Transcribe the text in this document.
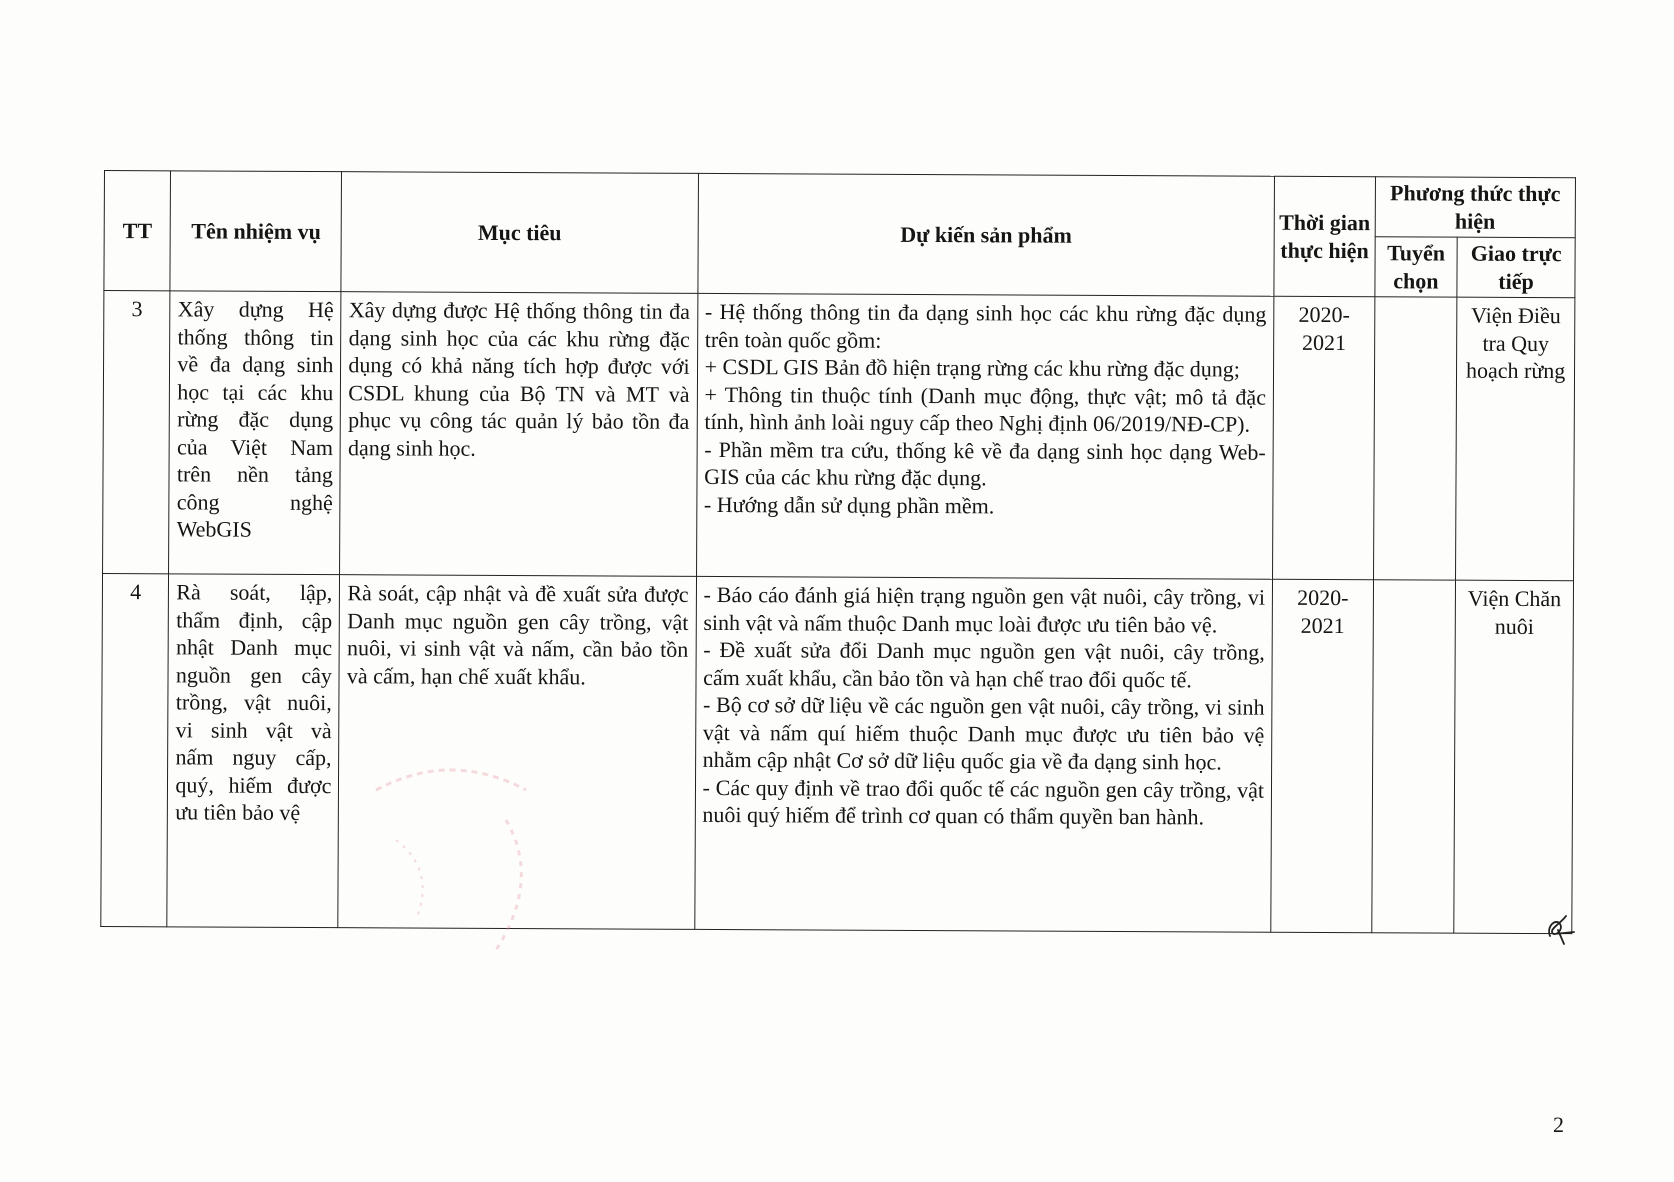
TT	Tên nhiệm vụ	Mục tiêu	Dự kiến sản phẩm	Thời gian thực hiện	Phương thức thực hiện	
					Tuyển chọn	Giao trực tiếp
3	Xây dựng Hệ thống thông tin về đa dạng sinh học tại các khu rừng đặc dụng của Việt Nam trên nền tảng công nghệ WebGIS	Xây dựng được Hệ thống thông tin đa dạng sinh học của các khu rừng đặc dụng có khả năng tích hợp được với CSDL khung của Bộ TN và MT và phục vụ công tác quản lý bảo tồn đa dạng sinh học.	- Hệ thống thông tin đa dạng sinh học các khu rừng đặc dụng trên toàn quốc gồm:
+ CSDL GIS Bản đồ hiện trạng rừng các khu rừng đặc dụng;
+ Thông tin thuộc tính (Danh mục động, thực vật; mô tả đặc tính, hình ảnh loài nguy cấp theo Nghị định 06/2019/NĐ-CP).
- Phần mềm tra cứu, thống kê về đa dạng sinh học dạng Web-GIS của các khu rừng đặc dụng.
- Hướng dẫn sử dụng phần mềm.	2020-2021		Viện Điều tra Quy hoạch rừng
4	Rà soát, lập, thẩm định, cập nhật Danh mục nguồn gen cây trồng, vật nuôi, vi sinh vật và nấm nguy cấp, quý, hiếm được ưu tiên bảo vệ	Rà soát, cập nhật và đề xuất sửa được Danh mục nguồn gen cây trồng, vật nuôi, vi sinh vật và nấm, cần bảo tồn và cấm, hạn chế xuất khẩu.	- Báo cáo đánh giá hiện trạng nguồn gen vật nuôi, cây trồng, vi sinh vật và nấm thuộc Danh mục loài được ưu tiên bảo vệ.
- Đề xuất sửa đổi Danh mục nguồn gen vật nuôi, cây trồng, cấm xuất khẩu, cần bảo tồn và hạn chế trao đổi quốc tế.
- Bộ cơ sở dữ liệu về các nguồn gen vật nuôi, cây trồng, vi sinh vật và nấm quí hiếm thuộc Danh mục được ưu tiên bảo vệ nhằm cập nhật Cơ sở dữ liệu quốc gia về đa dạng sinh học.
- Các quy định về trao đổi quốc tế các nguồn gen cây trồng, vật nuôi quý hiếm để trình cơ quan có thẩm quyền ban hành.	2020-2021		Viện Chăn nuôi
2
